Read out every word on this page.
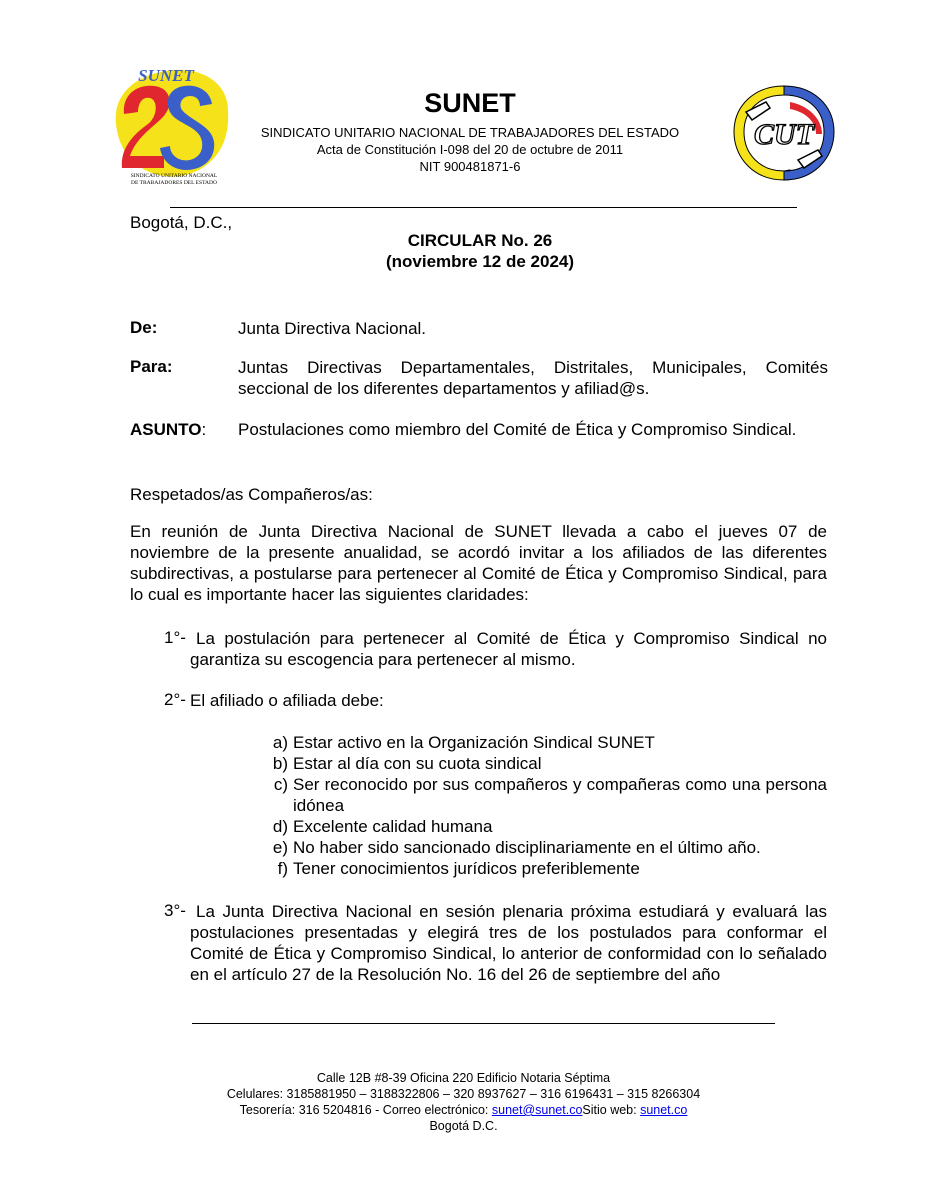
SUNET
SINDICATO UNITARIO NACIONAL
DE TRABAJADORES DEL ESTADO
CUT
SUNET
SINDICATO UNITARIO NACIONAL DE TRABAJADORES DEL ESTADO
Acta de Constitución I-098 del 20 de octubre de 2011
NIT 900481871-6
Bogotá, D.C.,
CIRCULAR No. 26
(noviembre 12 de 2024)
De:	Junta Directiva Nacional.
Para:	Juntas Directivas Departamentales, Distritales, Municipales, Comités seccional de los diferentes departamentos y afiliad@s.
ASUNTO: Postulaciones como miembro del Comité de Ética y Compromiso Sindical.
Respetados/as Compañeros/as:
En reunión de Junta Directiva Nacional de SUNET llevada a cabo el jueves 07 de noviembre de la presente anualidad, se acordó invitar a los afiliados de las diferentes subdirectivas, a postularse para pertenecer al Comité de Ética y Compromiso Sindical, para lo cual es importante hacer las siguientes claridades:
1°- La postulación para pertenecer al Comité de Ética y Compromiso Sindical no garantiza su escogencia para pertenecer al mismo.
2°- El afiliado o afiliada debe:
a) Estar activo en la Organización Sindical SUNET
b) Estar al día con su cuota sindical
c) Ser reconocido por sus compañeros y compañeras como una persona idónea
d) Excelente calidad humana
e) No haber sido sancionado disciplinariamente en el último año.
f) Tener conocimientos jurídicos preferiblemente
3°- La Junta Directiva Nacional en sesión plenaria próxima estudiará y evaluará las postulaciones presentadas y elegirá tres de los postulados para conformar el Comité de Ética y Compromiso Sindical, lo anterior de conformidad con lo señalado en el artículo 27 de la Resolución No. 16 del 26 de septiembre del año
Calle 12B #8-39 Oficina 220 Edificio Notaria Séptima
Celulares: 3185881950 – 3188322806 – 320 8937627 – 316 6196431 – 315 8266304
Tesorería: 316 5204816 - Correo electrónico: sunet@sunet.coSitio web: sunet.co
Bogotá D.C.
